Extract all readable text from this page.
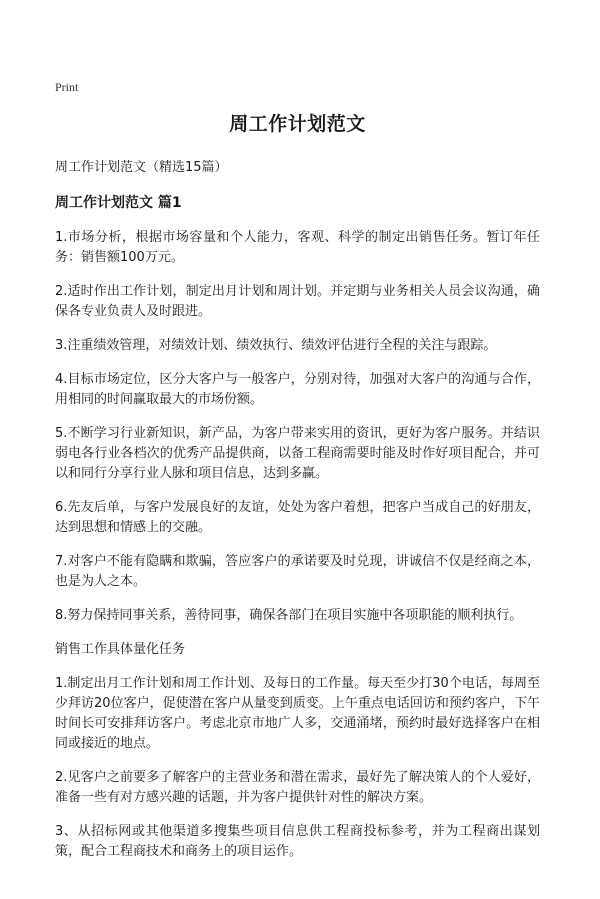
Print
周工作计划范文
周工作计划范文（精选15篇）
周工作计划范文 篇1

1.市场分析，根据市场容量和个人能力，客观、科学的制定出销售任务。暂订年任务：销售额100万元。

2.适时作出工作计划，制定出月计划和周计划。并定期与业务相关人员会议沟通，确保各专业负责人及时跟进。

3.注重绩效管理，对绩效计划、绩效执行、绩效评估进行全程的关注与跟踪。

4.目标市场定位，区分大客户与一般客户，分别对待，加强对大客户的沟通与合作，用相同的时间赢取最大的市场份额。

5.不断学习行业新知识，新产品，为客户带来实用的资讯，更好为客户服务。并结识弱电各行业各档次的优秀产品提供商，以备工程商需要时能及时作好项目配合，并可以和同行分享行业人脉和项目信息，达到多赢。

6.先友后单，与客户发展良好的友谊，处处为客户着想，把客户当成自己的好朋友，达到思想和情感上的交融。

7.对客户不能有隐瞒和欺骗，答应客户的承诺要及时兑现，讲诚信不仅是经商之本，也是为人之本。

8.努力保持同事关系，善待同事，确保各部门在项目实施中各项职能的顺利执行。

销售工作具体量化任务

1.制定出月工作计划和周工作计划、及每日的工作量。每天至少打30个电话，每周至少拜访20位客户，促使潜在客户从量变到质变。上午重点电话回访和预约客户，下午时间长可安排拜访客户。考虑北京市地广人多，交通涌堵，预约时最好选择客户在相同或接近的地点。

2.见客户之前要多了解客户的主营业务和潜在需求，最好先了解决策人的个人爱好，准备一些有对方感兴趣的话题，并为客户提供针对性的解决方案。

3、从招标网或其他渠道多搜集些项目信息供工程商投标参考，并为工程商出谋划策，配合工程商技术和商务上的项目运作。
